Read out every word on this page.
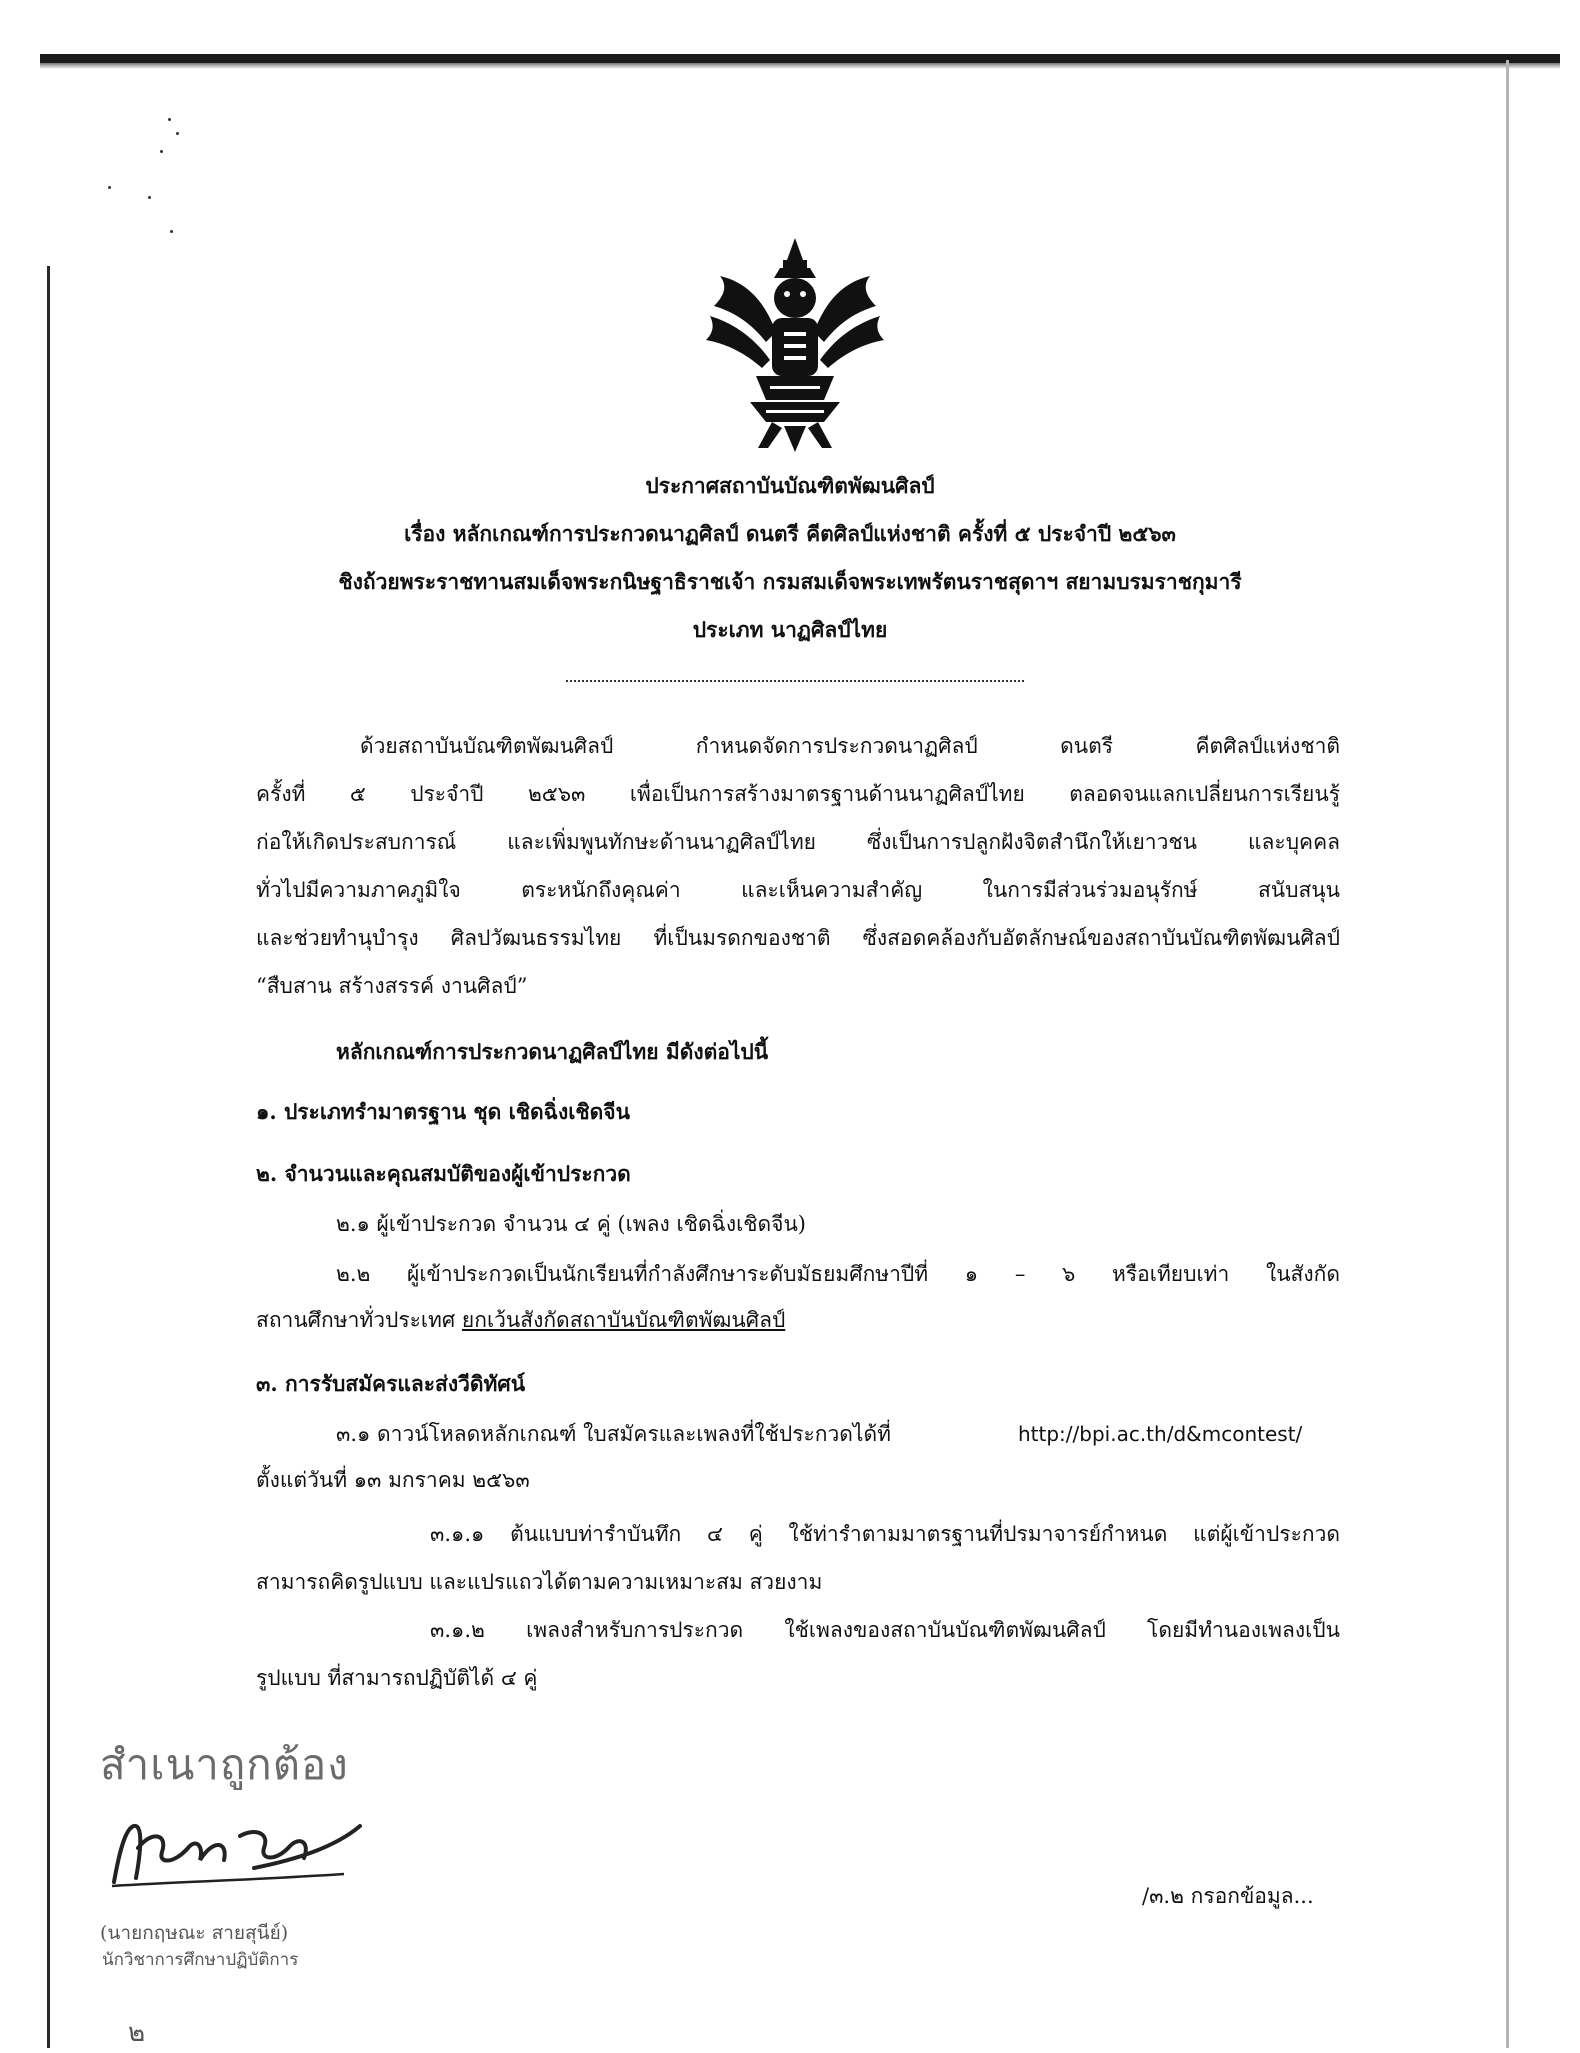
ประกาศสถาบันบัณฑิตพัฒนศิลป์
เรื่อง หลักเกณฑ์การประกวดนาฏศิลป์ ดนตรี คีตศิลป์แห่งชาติ ครั้งที่ ๕ ประจำปี ๒๕๖๓
ชิงถ้วยพระราชทานสมเด็จพระกนิษฐาธิราชเจ้า กรมสมเด็จพระเทพรัตนราชสุดาฯ สยามบรมราชกุมารี
ประเภท นาฏศิลป์ไทย
ด้วยสถาบันบัณฑิตพัฒนศิลป์ กำหนดจัดการประกวดนาฏศิลป์ ดนตรี คีตศิลป์แห่งชาติ
ครั้งที่ ๕ ประจำปี ๒๕๖๓ เพื่อเป็นการสร้างมาตรฐานด้านนาฏศิลป์ไทย ตลอดจนแลกเปลี่ยนการเรียนรู้
ก่อให้เกิดประสบการณ์ และเพิ่มพูนทักษะด้านนาฏศิลป์ไทย ซึ่งเป็นการปลูกฝังจิตสำนึกให้เยาวชน และบุคคล
ทั่วไปมีความภาคภูมิใจ ตระหนักถึงคุณค่า และเห็นความสำคัญ ในการมีส่วนร่วมอนุรักษ์ สนับสนุน
และช่วยทำนุบำรุง ศิลปวัฒนธรรมไทย ที่เป็นมรดกของชาติ ซึ่งสอดคล้องกับอัตลักษณ์ของสถาบันบัณฑิตพัฒนศิลป์
“สืบสาน สร้างสรรค์ งานศิลป์”
หลักเกณฑ์การประกวดนาฏศิลป์ไทย มีดังต่อไปนี้
๑. ประเภทรำมาตรฐาน ชุด เชิดฉิ่งเชิดจีน
๒. จำนวนและคุณสมบัติของผู้เข้าประกวด
๒.๑ ผู้เข้าประกวด จำนวน ๔ คู่ (เพลง เชิดฉิ่งเชิดจีน)
๒.๒ ผู้เข้าประกวดเป็นนักเรียนที่กำลังศึกษาระดับมัธยมศึกษาปีที่ ๑ – ๖ หรือเทียบเท่า ในสังกัด
สถานศึกษาทั่วประเทศ ยกเว้นสังกัดสถาบันบัณฑิตพัฒนศิลป์
๓. การรับสมัครและส่งวีดิทัศน์
๓.๑ ดาวน์โหลดหลักเกณฑ์ ใบสมัครและเพลงที่ใช้ประกวดได้ที่	http://bpi.ac.th/d&mcontest/
ตั้งแต่วันที่ ๑๓ มกราคม ๒๕๖๓
๓.๑.๑ ต้นแบบท่ารำบันทึก ๔ คู่ ใช้ท่ารำตามมาตรฐานที่ปรมาจารย์กำหนด แต่ผู้เข้าประกวด
สามารถคิดรูปแบบ และแปรแถวได้ตามความเหมาะสม สวยงาม
๓.๑.๒ เพลงสำหรับการประกวด ใช้เพลงของสถาบันบัณฑิตพัฒนศิลป์ โดยมีทำนองเพลงเป็น
รูปแบบ ที่สามารถปฏิบัติได้ ๔ คู่
สำเนาถูกต้อง
(นายกฤษณะ สายสุนีย์)
นักวิชาการศึกษาปฏิบัติการ
๒
/๓.๒ กรอกข้อมูล...
